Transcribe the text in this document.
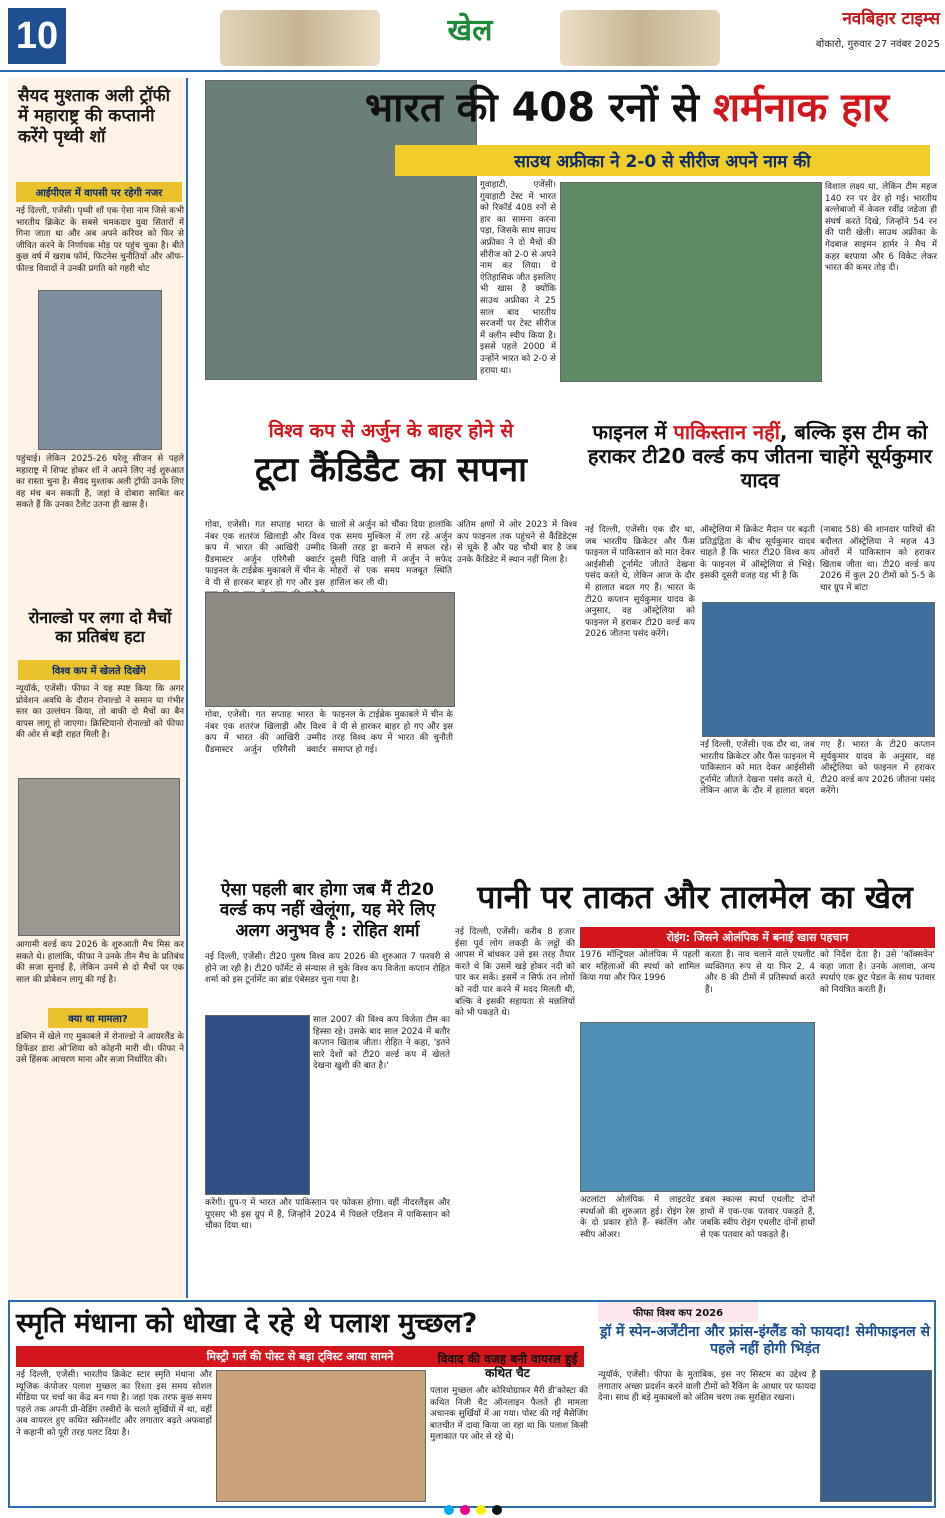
10	खेल	नवबिहार टाइम्स
बोकारो, गुरुवार 27 नवंबर 2025
सैयद मुश्ताक अली ट्रॉफी में महाराष्ट्र की कप्तानी करेंगे पृथ्वी शॉ
आईपीएल में वापसी पर रहेगी नजर
नई दिल्ली, एजेंसी। पृथ्वी शॉ एक ऐसा नाम जिसे कभी भारतीय क्रिकेट के सबसे चमकदार युवा सितारों में गिना जाता था और अब अपने करियर को फिर से जीवित करने के निर्णायक मोड़ पर पहुंच चुका है। बीते कुछ वर्ष में खराब फॉर्म, फिटनेस चुनौतियों और ऑफ-फील्ड विवादों ने उनकी प्रगति को गहरी चोट
पहुंचाई। लेकिन 2025-26 घरेलू सीजन से पहले महाराष्ट्र में शिफ्ट होकर शॉ ने अपने लिए नई शुरुआत का रास्ता चुना है। सैयद मुश्ताक अली ट्रॉफी उनके लिए वह मंच बन सकती है, जहां वे दोबारा साबित कर सकते हैं कि उनका टैलेंट उतना ही खास है।
रोनाल्डो पर लगा दो मैचों का प्रतिबंध हटा
विश्व कप में खेलते दिखेंगे
न्यूयॉर्क, एजेंसी। फीफा ने यह स्पष्ट किया कि अगर प्रोवेशन अवधि के दौरान रोनाल्डो ने समान या गंभीर स्तर का उल्लंघन किया, तो बाकी दो मैचों का बैन वापस लागू हो जाएगा। क्रिस्टियानो रोनाल्डो को फीफा की ओर से बड़ी राहत मिली है।
आगामी वर्ल्ड कप 2026 के शुरुआती मैच मिस कर सकते थे। हालांकि, फीफा ने उनके तीन मैच के प्रतिबंध की सजा सुनाई है, लेकिन उनमें से दो मैचों पर एक साल की प्रोबेशन लागू की गई है।
क्या था मामला?
डब्लिन में खेले गए मुकाबले में रोनाल्डो ने आयरलैंड के डिफेंडर डारा ओ'शिया को कोहनी मारी थी। फीफा ने उसे हिंसक आचरण माना और सजा निर्धारित की।
भारत की 408 रनों से शर्मनाक हार
साउथ अफ्रीका ने 2-0 से सीरीज अपने नाम की
गुवाहाटी, एजेंसी। गुवाहाटी टेस्ट में भारत को रिकॉर्ड 408 रनों से हार का सामना करना पड़ा, जिसके साथ साउथ अफ्रीका ने दो मैचों की सीरीज को 2-0 से अपने नाम कर लिया। ये ऐतिहासिक जीत इसलिए भी खास है क्योंकि साउथ अफ्रीका ने 25 साल बाद भारतीय सरजमीं पर टेस्ट सीरीज में क्लीन स्वीप किया है। इससे पहले 2000 में उन्होंने भारत को 2-0 से हराया था।
विशाल लक्ष्य था, लेकिन टीम महज 140 रन पर ढेर हो गई। भारतीय बल्लेबाजों में केवल रवींद्र जडेजा ही संघर्ष करते दिखे, जिन्होंने 54 रन की पारी खेली। साउथ अफ्रीका के गेंदबाज साइमन हार्मर ने मैच में कहर बरपाया और 6 विकेट लेकर भारत की कमर तोड़ दी।
विश्व कप से अर्जुन के बाहर होने से
टूटा कैंडिडैट का सपना
गोवा, एजेंसी। गत सप्ताह भारत के नंबर एक शतरंज खिलाड़ी और विश्व कप में भारत की आखिरी उम्मीद ग्रैंडमास्टर अर्जुन एरिगैसी क्वार्टर फाइनल के टाईब्रेक मुकाबले में चीन के वे यी से हारकर बाहर हो गए और इस
चालों से अर्जुन को चौंका दिया हालांकि एक समय मुश्किल में लग रहे अर्जुन किसी तरह ड्रा कराने में सफल रहे। दूसरी पिंडि वाली में अर्जुन ने सफेद मोहरों से एक समय मजबूत स्थिति हासिल कर ली थी।
गोवा, एजेंसी। गत सप्ताह भारत के नंबर एक शतरंज खिलाड़ी और विश्व कप में भारत की आखिरी उम्मीद ग्रैंडमास्टर अर्जुन एरिगैसी क्वार्टर फाइनल के टाईब्रेक मुकाबले में चीन के वे यी से हारकर बाहर हो गए और इस तरह विश्व कप में भारत की चुनौती समाप्त हो गई।
अंतिम क्षणों में ओर 2023 में विश्व कप फाइनल तक पहुंचने से कैंडिडेट्स से चूके हैं और यह चौथी बार है जब उनके कैंडिडेट में स्थान नहीं मिला है।
फाइनल में पाकिस्तान नहीं, बल्कि इस टीम को हराकर टी20 वर्ल्ड कप जीतना चाहेंगे सूर्यकुमार यादव
नई दिल्ली, एजेंसी। एक दौर था, जब भारतीय क्रिकेटर और फैंस फाइनल में पाकिस्तान को मात देकर आईसीसी टूर्नामेंट जीतते देखना पसंद करते थे, लेकिन आज के दौर में हालात बदल गए हैं। भारत के टी20 कप्तान सूर्यकुमार यादव के अनुसार, वह ऑस्ट्रेलिया को फाइनल में हराकर टी20 वर्ल्ड कप 2026 जीतना पसंद करेंगे।
ऑस्ट्रेलिया में क्रिकेट मैदान पर बढ़ती प्रतिद्वंद्विता के बीच सूर्यकुमार यादव चाहते हैं कि भारत टी20 विश्व कप के फाइनल में ऑस्ट्रेलिया से भिड़े। इसकी दूसरी वजह यह भी है कि
(नाबाद 58) की शानदार पारियों की बदौलत ऑस्ट्रेलिया ने महज 43 ओवरों में पाकिस्तान को हराकर खिताब जीता था। टी20 वर्ल्ड कप 2026 में कुल 20 टीमों को 5-5 के चार ग्रुप में बांटा
नई दिल्ली, एजेंसी। एक दौर था, जब भारतीय क्रिकेटर और फैंस फाइनल में पाकिस्तान को मात देकर आईसीसी टूर्नामेंट जीतते देखना पसंद करते थे, लेकिन आज के दौर में हालात बदल गए हैं। भारत के टी20 कप्तान सूर्यकुमार यादव के अनुसार, वह ऑस्ट्रेलिया को फाइनल में हराकर टी20 वर्ल्ड कप 2026 जीतना पसंद करेंगे।
ऐसा पहली बार होगा जब मैं टी20 वर्ल्ड कप नहीं खेलूंगा, यह मेरे लिए अलग अनुभव है : रोहित शर्मा
नई दिल्ली, एजेंसी। टी20 पुरुष विश्व कप 2026 की शुरुआत 7 फरवरी से होने जा रही है। टी20 फॉर्मेट से संन्यास ले चुके विश्व कप विजेता कप्तान रोहित शर्मा को इस टूर्नामेंट का ब्रांड एंबेसडर चुना गया है।
साल 2007 की विश्व कप विजेता टीम का हिस्सा रहे। उसके बाद साल 2024 में बतौर कप्तान खिताब जीता। रोहित ने कहा, 'इतने सारे देशों को टी20 वर्ल्ड कप में खेलते देखना खुशी की बात है।'
करेंगी। ग्रुप-ए में भारत और पाकिस्तान पर फोकस होगा। वहीं नीदरलैंड्स और यूएसए भी इस ग्रुप में हैं, जिन्होंने 2024 में पिछले एडिशन में पाकिस्तान को चौंका दिया था।
पानी पर ताकत और तालमेल का खेल
रोइंग: जिसने ओलंपिक में बनाई खास पहचान
नई दिल्ली, एजेंसी। करीब 8 हजार ईसा पूर्व लोग लकड़ी के लट्ठों की आपस में बांधकर उसे इस तरह तैयार करते थे कि उसमें खड़े होकर नदी को पार कर सकें। इसमें न सिर्फ तन लोगों को नदी पार करने में मदद मिलती थी, बल्कि वे इसकी सहायता से मछलियों को भी पकड़ते थे।
1976 मॉन्ट्रियल ओलंपिक में पहली बार महिलाओं की स्पर्धा को शामिल किया गया और फिर 1996
करता है। नाव चलाने वाले एथलीट व्यक्तिगत रूप से या फिर 2, 4 और 8 की टीमों में प्रतिस्पर्धा करते हैं।
को निर्देश देता है। उसे 'कॉक्सवेन' कहा जाता है। उनके अलावा, अन्य स्पर्धाएं एक छूट पेडल के साथ पतवार को नियंत्रित करती हैं।
अटलांटा ओलंपिक में लाइटवेट स्पर्धाओं की शुरुआत हुई। रोइंग रेस के दो प्रकार होते हैं- स्कलिंग और स्वीप ओअर।
डबल स्कल्स स्पर्धा एथलीट दोनों हाथों में एक-एक पतवार पकड़ते हैं, जबकि स्वीप रोइंग एथलीट दोनों हाथों से एक पतवार को पकड़ते हैं।
स्मृति मंधाना को धोखा दे रहे थे पलाश मुच्छल?
मिस्ट्री गर्ल की पोस्ट से बड़ा ट्विस्ट आया सामने
नई दिल्ली, एजेंसी। भारतीय क्रिकेट स्टार स्मृति मंधाना और म्यूजिक कंपोजर पलाश मुच्छल का रिश्ता इस समय सोशल मीडिया पर चर्चा का केंद्र बन गया है। जहां एक तरफ कुछ समय पहले तक अपनी प्री-वेडिंग तस्वीरों के चलते सुर्खियों में था, वहीं अब वायरल हुए कथित स्क्रीनशॉट और लगातार बढ़ते अफवाहों ने कहानी को पूरी तरह पलट दिया है।
विवाद की वजह बनी वायरल हुई कथित चैट
पलाश मुच्छल और कोरियोग्राफर मैरी डी'कोस्टा की कथित निजी चैट ऑनलाइन फैलते ही मामला अचानक सुर्खियों में आ गया। पोस्ट की गई मैसेजिंग बातचीत में दावा किया जा रहा था कि पलाश किसी मुलाकात पर ओर से रहे थे।
फीफा विश्व कप 2026
ड्रॉ में स्पेन-अर्जेंटीना और फ्रांस-इंग्लैंड को फायदा! सेमीफाइनल से पहले नहीं होगी भिड़ंत
न्यूयॉर्क, एजेंसी। फीफा के मुताबिक, इस नए सिस्टम का उद्देश्य है लगातार अच्छा प्रदर्शन करने वाली टीमों को रैंकिंग के आधार पर फायदा देना। साथ ही बड़े मुकाबलों को अंतिम चरण तक सुरक्षित रखना।
